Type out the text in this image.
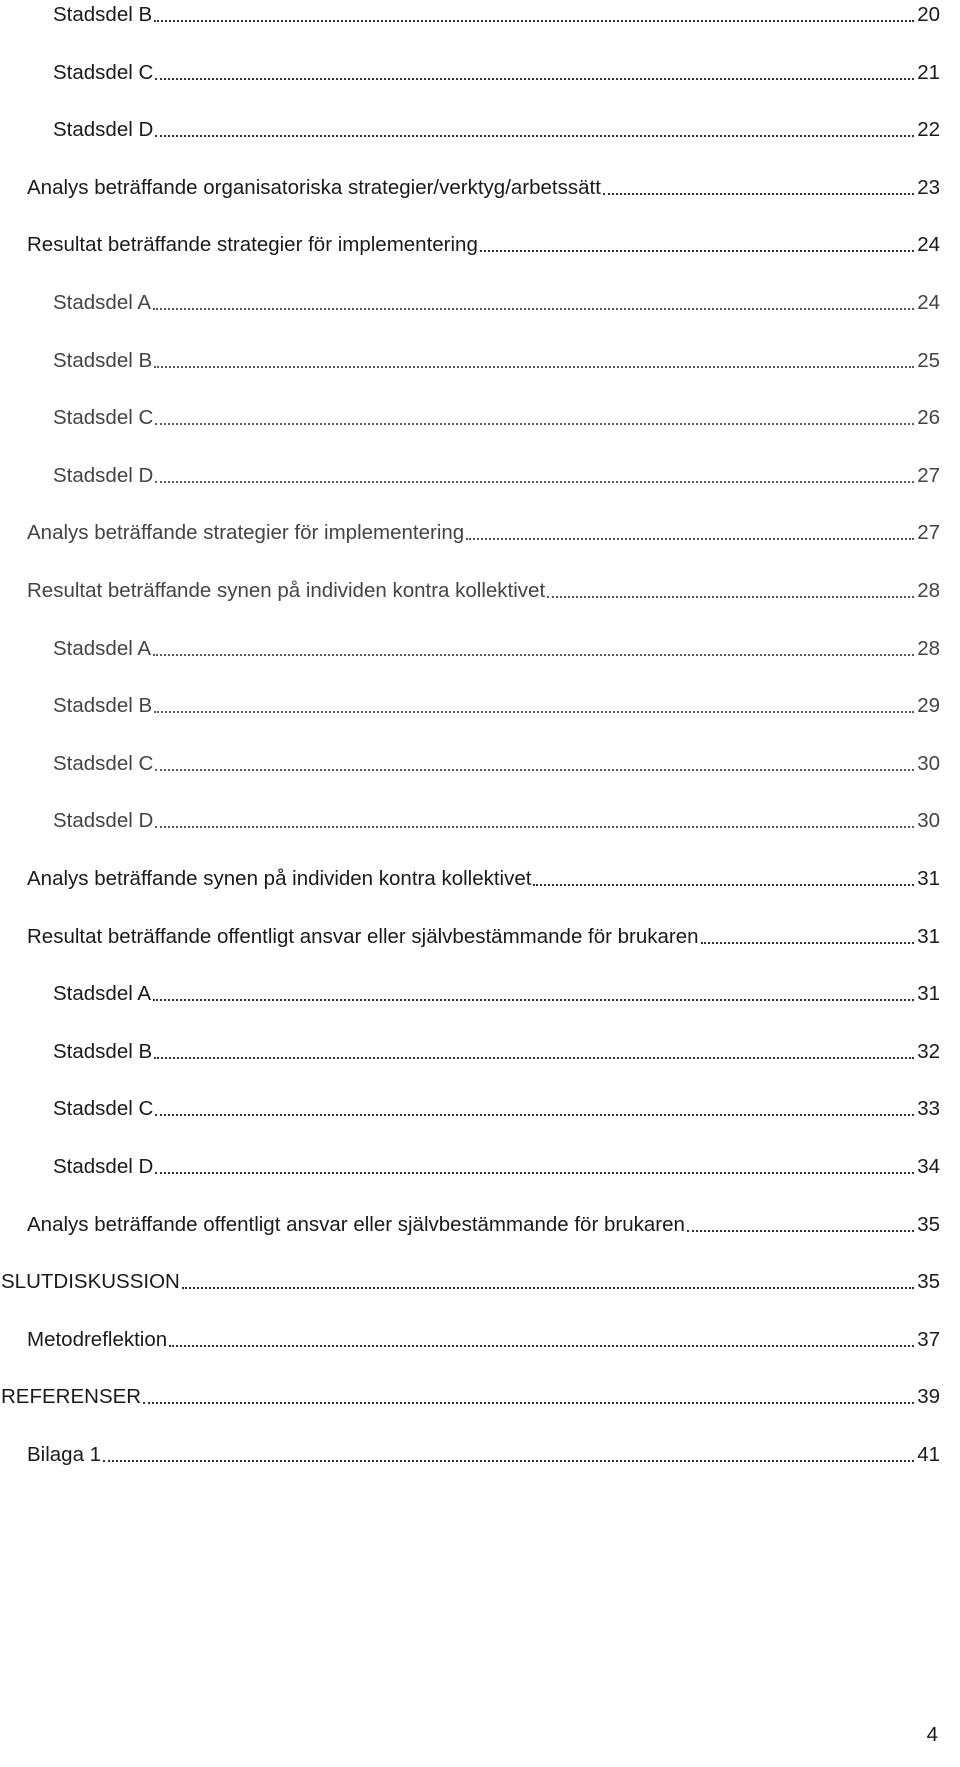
Stadsdel B	20
Stadsdel C	21
Stadsdel D	22
Analys beträffande organisatoriska strategier/verktyg/arbetssätt	23
Resultat beträffande strategier för implementering	24
Stadsdel A	24
Stadsdel B	25
Stadsdel C	26
Stadsdel D	27
Analys beträffande strategier för implementering	27
Resultat beträffande synen på individen kontra kollektivet	28
Stadsdel A	28
Stadsdel B	29
Stadsdel C	30
Stadsdel D	30
Analys beträffande synen på individen kontra kollektivet	31
Resultat beträffande offentligt ansvar eller självbestämmande för brukaren	31
Stadsdel A	31
Stadsdel B	32
Stadsdel C	33
Stadsdel D	34
Analys beträffande offentligt ansvar eller självbestämmande för brukaren	35
SLUTDISKUSSION	35
Metodreflektion	37
REFERENSER	39
Bilaga 1	41
4
